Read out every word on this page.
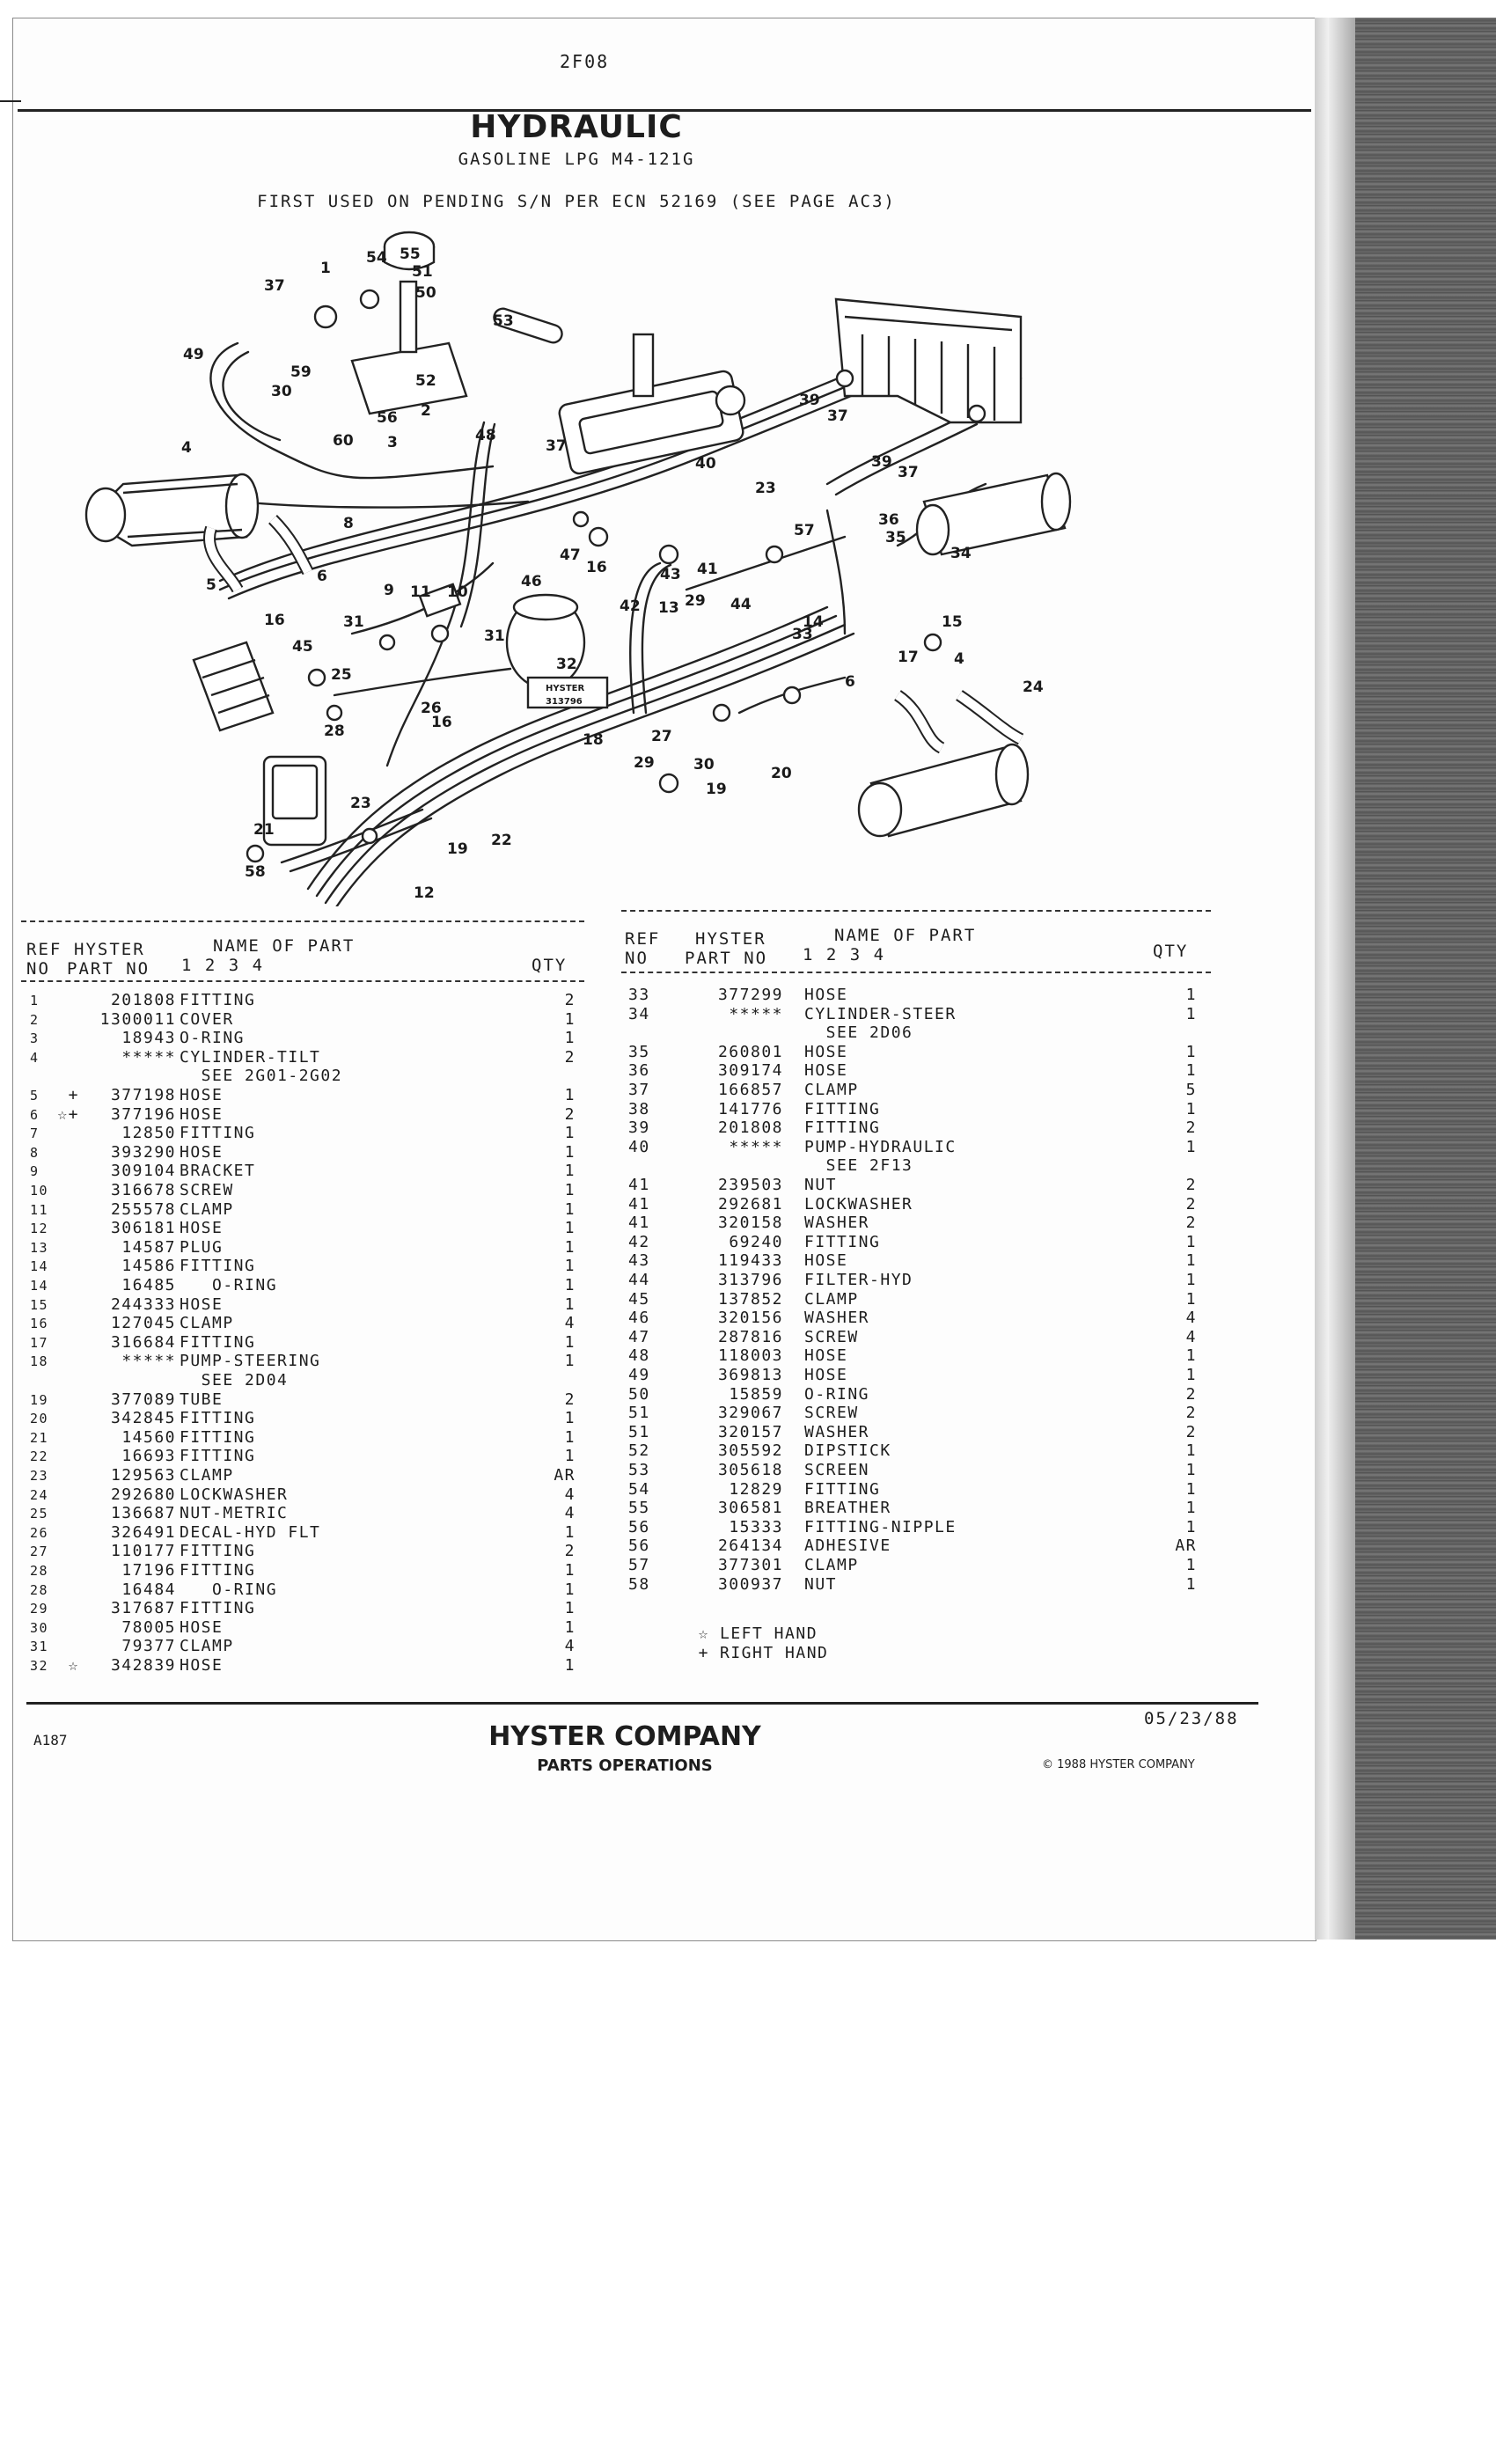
2F08
HYDRAULIC
GASOLINE LPG M4-121G
FIRST USED ON PENDING S/N PER ECN 52169 (SEE PAGE AC3)
HYSTER
313796
55
54
51
1
50
37
53
49
59	52
30
2
56
3
60	48
37
40
39
37
4
39
37
23
36
8
35
57
34
47
5	6	16	43
9 11 10
41
46
29 44
42 13
31
33
14	15
16
45
31
32
6
17 4
24
25
26
16
18	27
28
29	30
19
20
23
22
19
21
58
12
REF
NO
HYSTER
PART NO
NAME OF PART
1 2 3 4	QTY
REF
NO
HYSTER
PART NO
NAME OF PART
1 2 3 4	QTY
1	201808 FITTING	2
2	1300011 COVER	1
3	18943 O-RING	1
4	***** CYLINDER-TILT	2
SEE 2G01-2G02
5	+	377198 HOSE	1
6	☆+	377196 HOSE	2
7	12850 FITTING	1
8	393290 HOSE	1
9	309104 BRACKET	1
10	316678 SCREW	1
11	255578 CLAMP	1
12	306181 HOSE	1
13	14587 PLUG	1
14	14586 FITTING	1
14	16485 O-RING	1
15	244333 HOSE	1
16	127045 CLAMP	4
17	316684 FITTING	1
18	***** PUMP-STEERING	1
SEE 2D04
19	377089 TUBE	2
20	342845 FITTING	1
21	14560 FITTING	1
22	16693 FITTING	1
23	129563 CLAMP	AR
24	292680 LOCKWASHER	4
25	136687 NUT-METRIC	4
26	326491 DECAL-HYD FLT	1
27	110177 FITTING	2
28	17196 FITTING	1
28	16484 O-RING	1
29	317687 FITTING	1
30	78005 HOSE	1
31	79377 CLAMP	4
32	☆	342839 HOSE	1
33	377299 HOSE	1
34	***** CYLINDER-STEER	1
SEE 2D06
35	260801 HOSE	1
36	309174 HOSE	1
37	166857 CLAMP	5
38	141776 FITTING	1
39	201808 FITTING	2
40	***** PUMP-HYDRAULIC	1
SEE 2F13
41	239503 NUT	2
41	292681 LOCKWASHER	2
41	320158 WASHER	2
42	69240 FITTING	1
43	119433 HOSE	1
44	313796 FILTER-HYD	1
45	137852 CLAMP	1
46	320156 WASHER	4
47	287816 SCREW	4
48	118003 HOSE	1
49	369813 HOSE	1
50	15859 O-RING	2
51	329067 SCREW	2
51	320157 WASHER	2
52	305592 DIPSTICK	1
53	305618 SCREEN	1
54	12829 FITTING	1
55	306581 BREATHER	1
56	15333 FITTING-NIPPLE	1
56	264134 ADHESIVE	AR
57	377301 CLAMP	1
58	300937 NUT	1
☆ LEFT HAND
+ RIGHT HAND
05/23/88
A187	HYSTER COMPANY
PARTS OPERATIONS	© 1988 HYSTER COMPANY
